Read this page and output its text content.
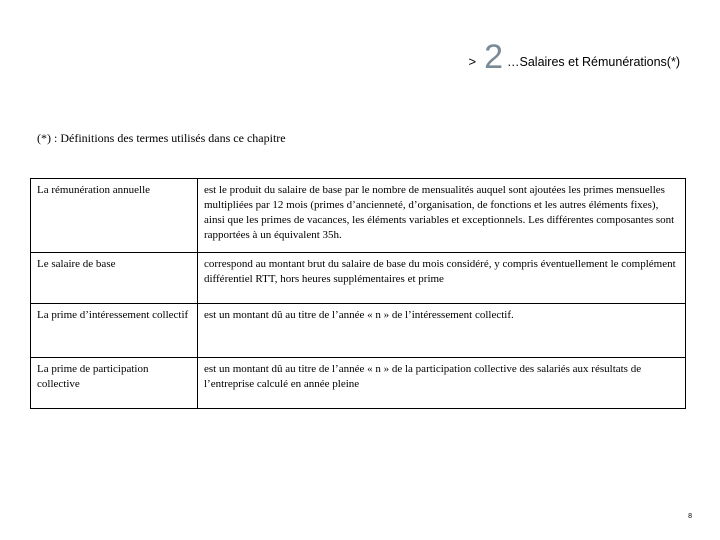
> 2 …Salaires et Rémunérations(*)
(*) : Définitions des termes utilisés dans ce chapitre
La rémunération annuelle	est le produit du salaire de base par le nombre de mensualités auquel sont ajoutées les primes mensuelles multipliées par 12 mois (primes d’ancienneté, d’organisation, de fonctions et les autres éléments fixes), ainsi que les primes de vacances, les éléments variables et exceptionnels. Les différentes composantes sont rapportées à un équivalent 35h.
Le salaire de base	correspond au montant brut du salaire de base du mois considéré, y compris éventuellement le complément différentiel RTT, hors heures supplémentaires et prime
La prime d’intéressement collectif	est un montant dû au titre de l’année « n » de l’intéressement collectif.
La prime de participation collective	est un montant dû au titre de l’année « n » de la participation collective des salariés aux résultats de l’entreprise calculé en année pleine
8
